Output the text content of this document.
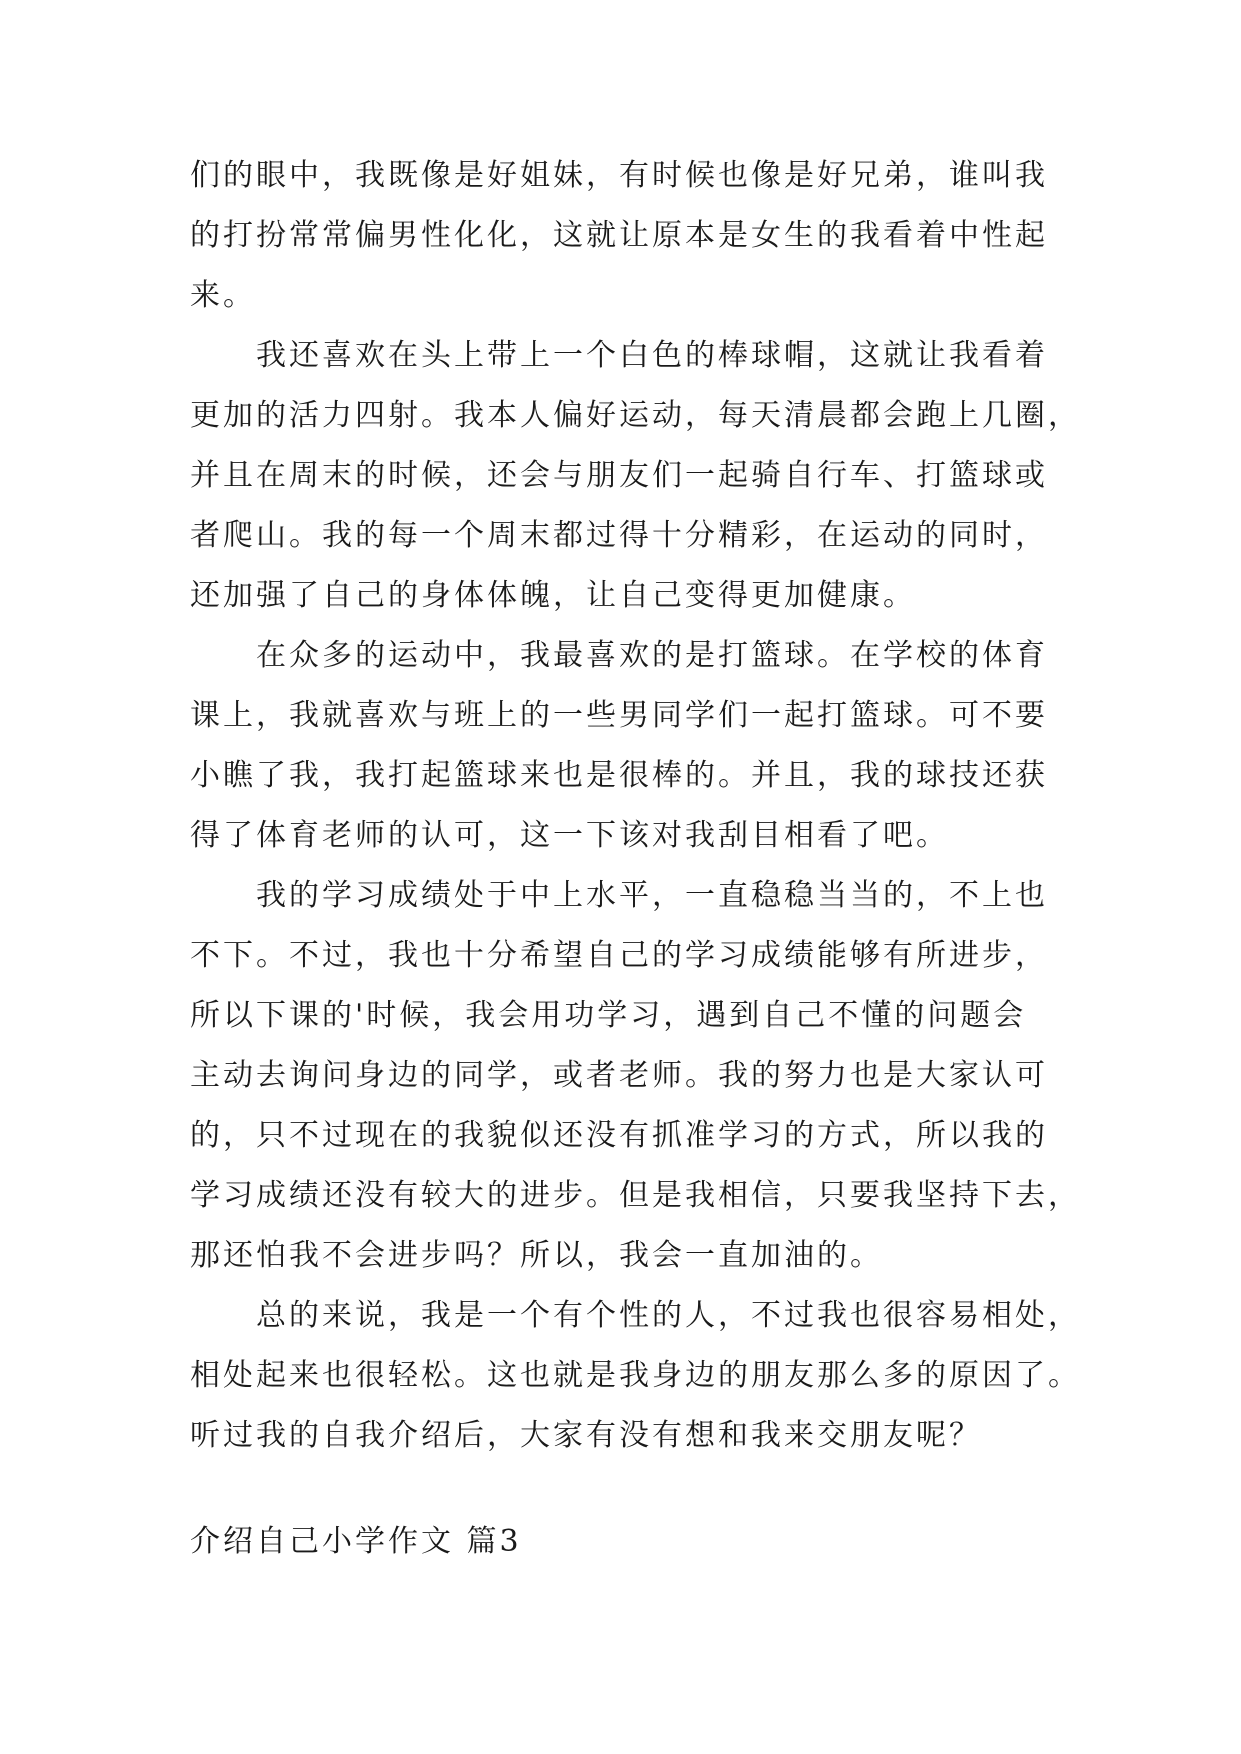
们的眼中，我既像是好姐妹，有时候也像是好兄弟，谁叫我
的打扮常常偏男性化化，这就让原本是女生的我看着中性起
来。
我还喜欢在头上带上一个白色的棒球帽，这就让我看着
更加的活力四射。我本人偏好运动，每天清晨都会跑上几圈，
并且在周末的时候，还会与朋友们一起骑自行车、打篮球或
者爬山。我的每一个周末都过得十分精彩，在运动的同时，
还加强了自己的身体体魄，让自己变得更加健康。
在众多的运动中，我最喜欢的是打篮球。在学校的体育
课上，我就喜欢与班上的一些男同学们一起打篮球。可不要
小瞧了我，我打起篮球来也是很棒的。并且，我的球技还获
得了体育老师的认可，这一下该对我刮目相看了吧。
我的学习成绩处于中上水平，一直稳稳当当的，不上也
不下。不过，我也十分希望自己的学习成绩能够有所进步，
所以下课的'时候，我会用功学习，遇到自己不懂的问题会
主动去询问身边的同学，或者老师。我的努力也是大家认可
的，只不过现在的我貌似还没有抓准学习的方式，所以我的
学习成绩还没有较大的进步。但是我相信，只要我坚持下去，
那还怕我不会进步吗？所以，我会一直加油的。
总的来说，我是一个有个性的人，不过我也很容易相处，
相处起来也很轻松。这也就是我身边的朋友那么多的原因了。
听过我的自我介绍后，大家有没有想和我来交朋友呢？
介绍自己小学作文 篇3
